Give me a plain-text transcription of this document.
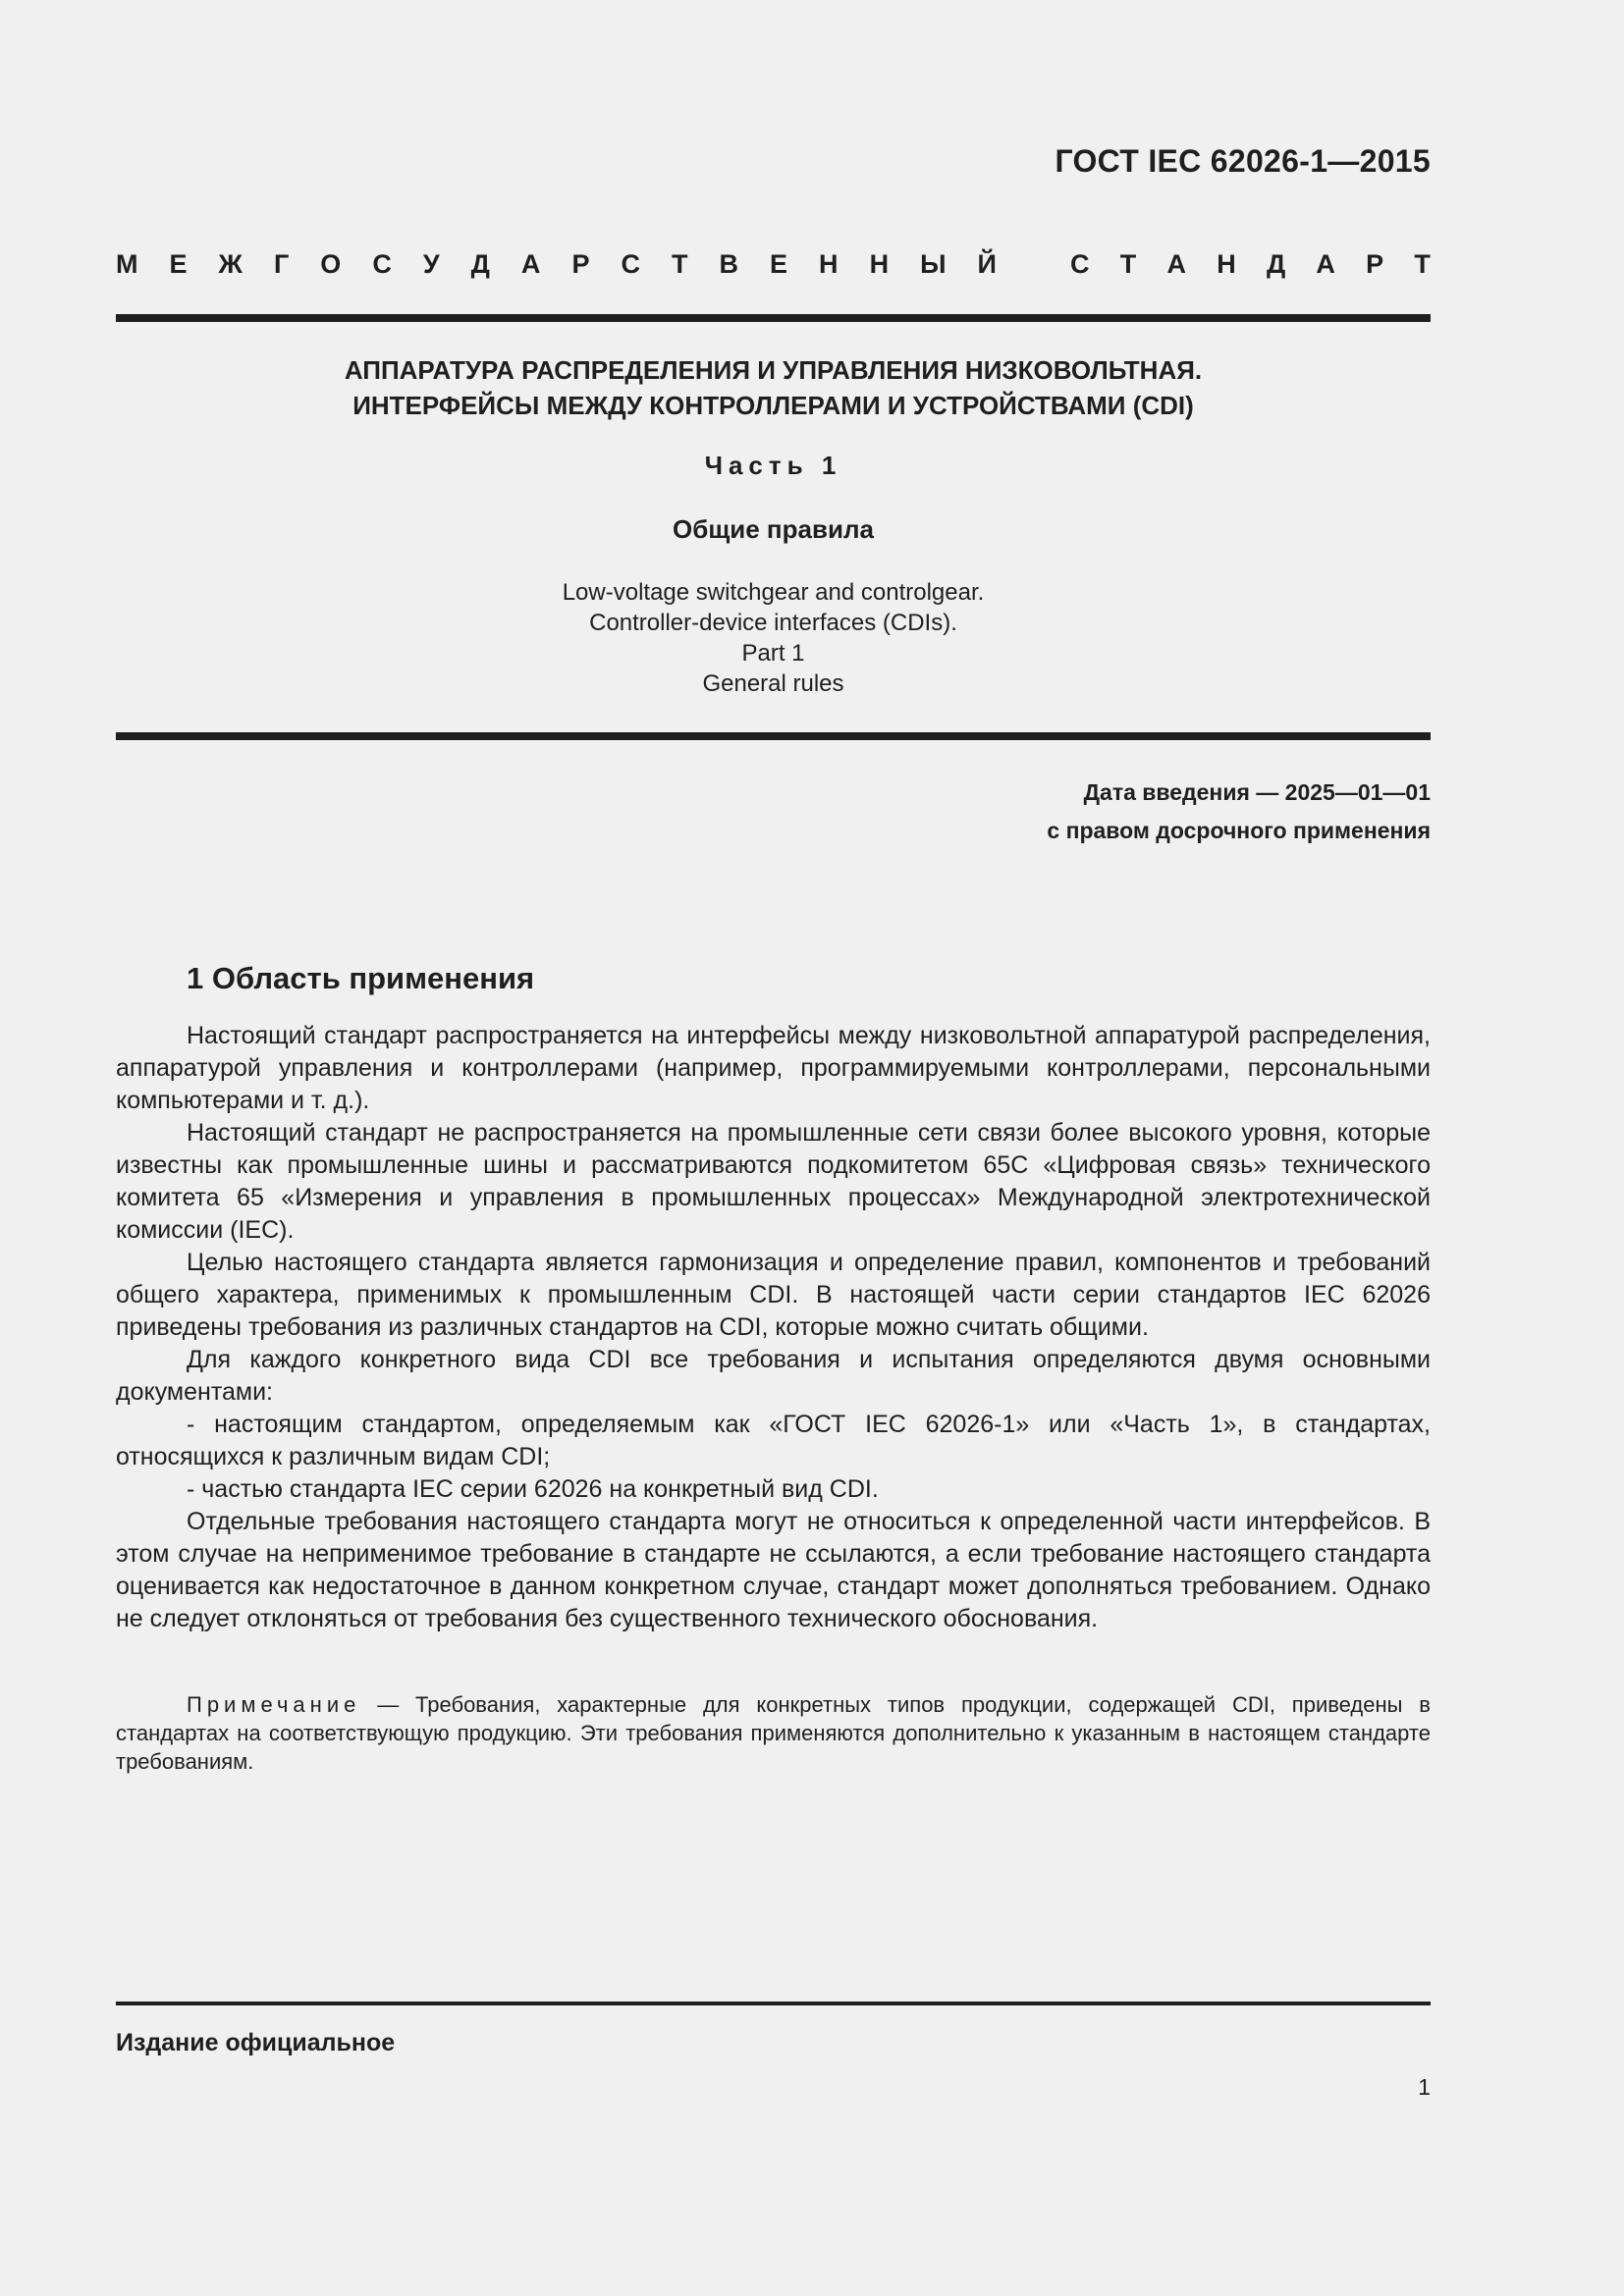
ГОСТ IEC 62026-1—2015
М Е Ж Г О С У Д А Р С Т В Е Н Н Ы Й	С Т А Н Д А Р Т
АППАРАТУРА РАСПРЕДЕЛЕНИЯ И УПРАВЛЕНИЯ НИЗКОВОЛЬТНАЯ.
ИНТЕРФЕЙСЫ МЕЖДУ КОНТРОЛЛЕРАМИ И УСТРОЙСТВАМИ (CDI)
Часть 1
Общие правила
Low-voltage switchgear and controlgear.
Controller-device interfaces (CDIs).
Part 1
General rules
Дата введения — 2025—01—01
с правом досрочного применения
1 Область применения

Настоящий стандарт распространяется на интерфейсы между низковольтной аппаратурой распределения, аппаратурой управления и контроллерами (например, программируемыми контроллерами, персональными компьютерами и т. д.).

Настоящий стандарт не распространяется на промышленные сети связи более высокого уровня, которые известны как промышленные шины и рассматриваются подкомитетом 65С «Цифровая связь» технического комитета 65 «Измерения и управления в промышленных процессах» Международной электротехнической комиссии (IEC).

Целью настоящего стандарта является гармонизация и определение правил, компонентов и требований общего характера, применимых к промышленным CDI. В настоящей части серии стандартов IEC 62026 приведены требования из различных стандартов на CDI, которые можно считать общими.

Для каждого конкретного вида CDI все требования и испытания определяются двумя основными документами:

- настоящим стандартом, определяемым как «ГОСТ IEC 62026-1» или «Часть 1», в стандартах, относящихся к различным видам CDI;

- частью стандарта IEC серии 62026 на конкретный вид CDI.

Отдельные требования настоящего стандарта могут не относиться к определенной части интерфейсов. В этом случае на неприменимое требование в стандарте не ссылаются, а если требование настоящего стандарта оценивается как недостаточное в данном конкретном случае, стандарт может дополняться требованием. Однако не следует отклоняться от требования без существенного технического обоснования.

Примечание — Требования, характерные для конкретных типов продукции, содержащей CDI, приведены в стандартах на соответствующую продукцию. Эти требования применяются дополнительно к указанным в настоящем стандарте требованиям.
Издание официальное
1
